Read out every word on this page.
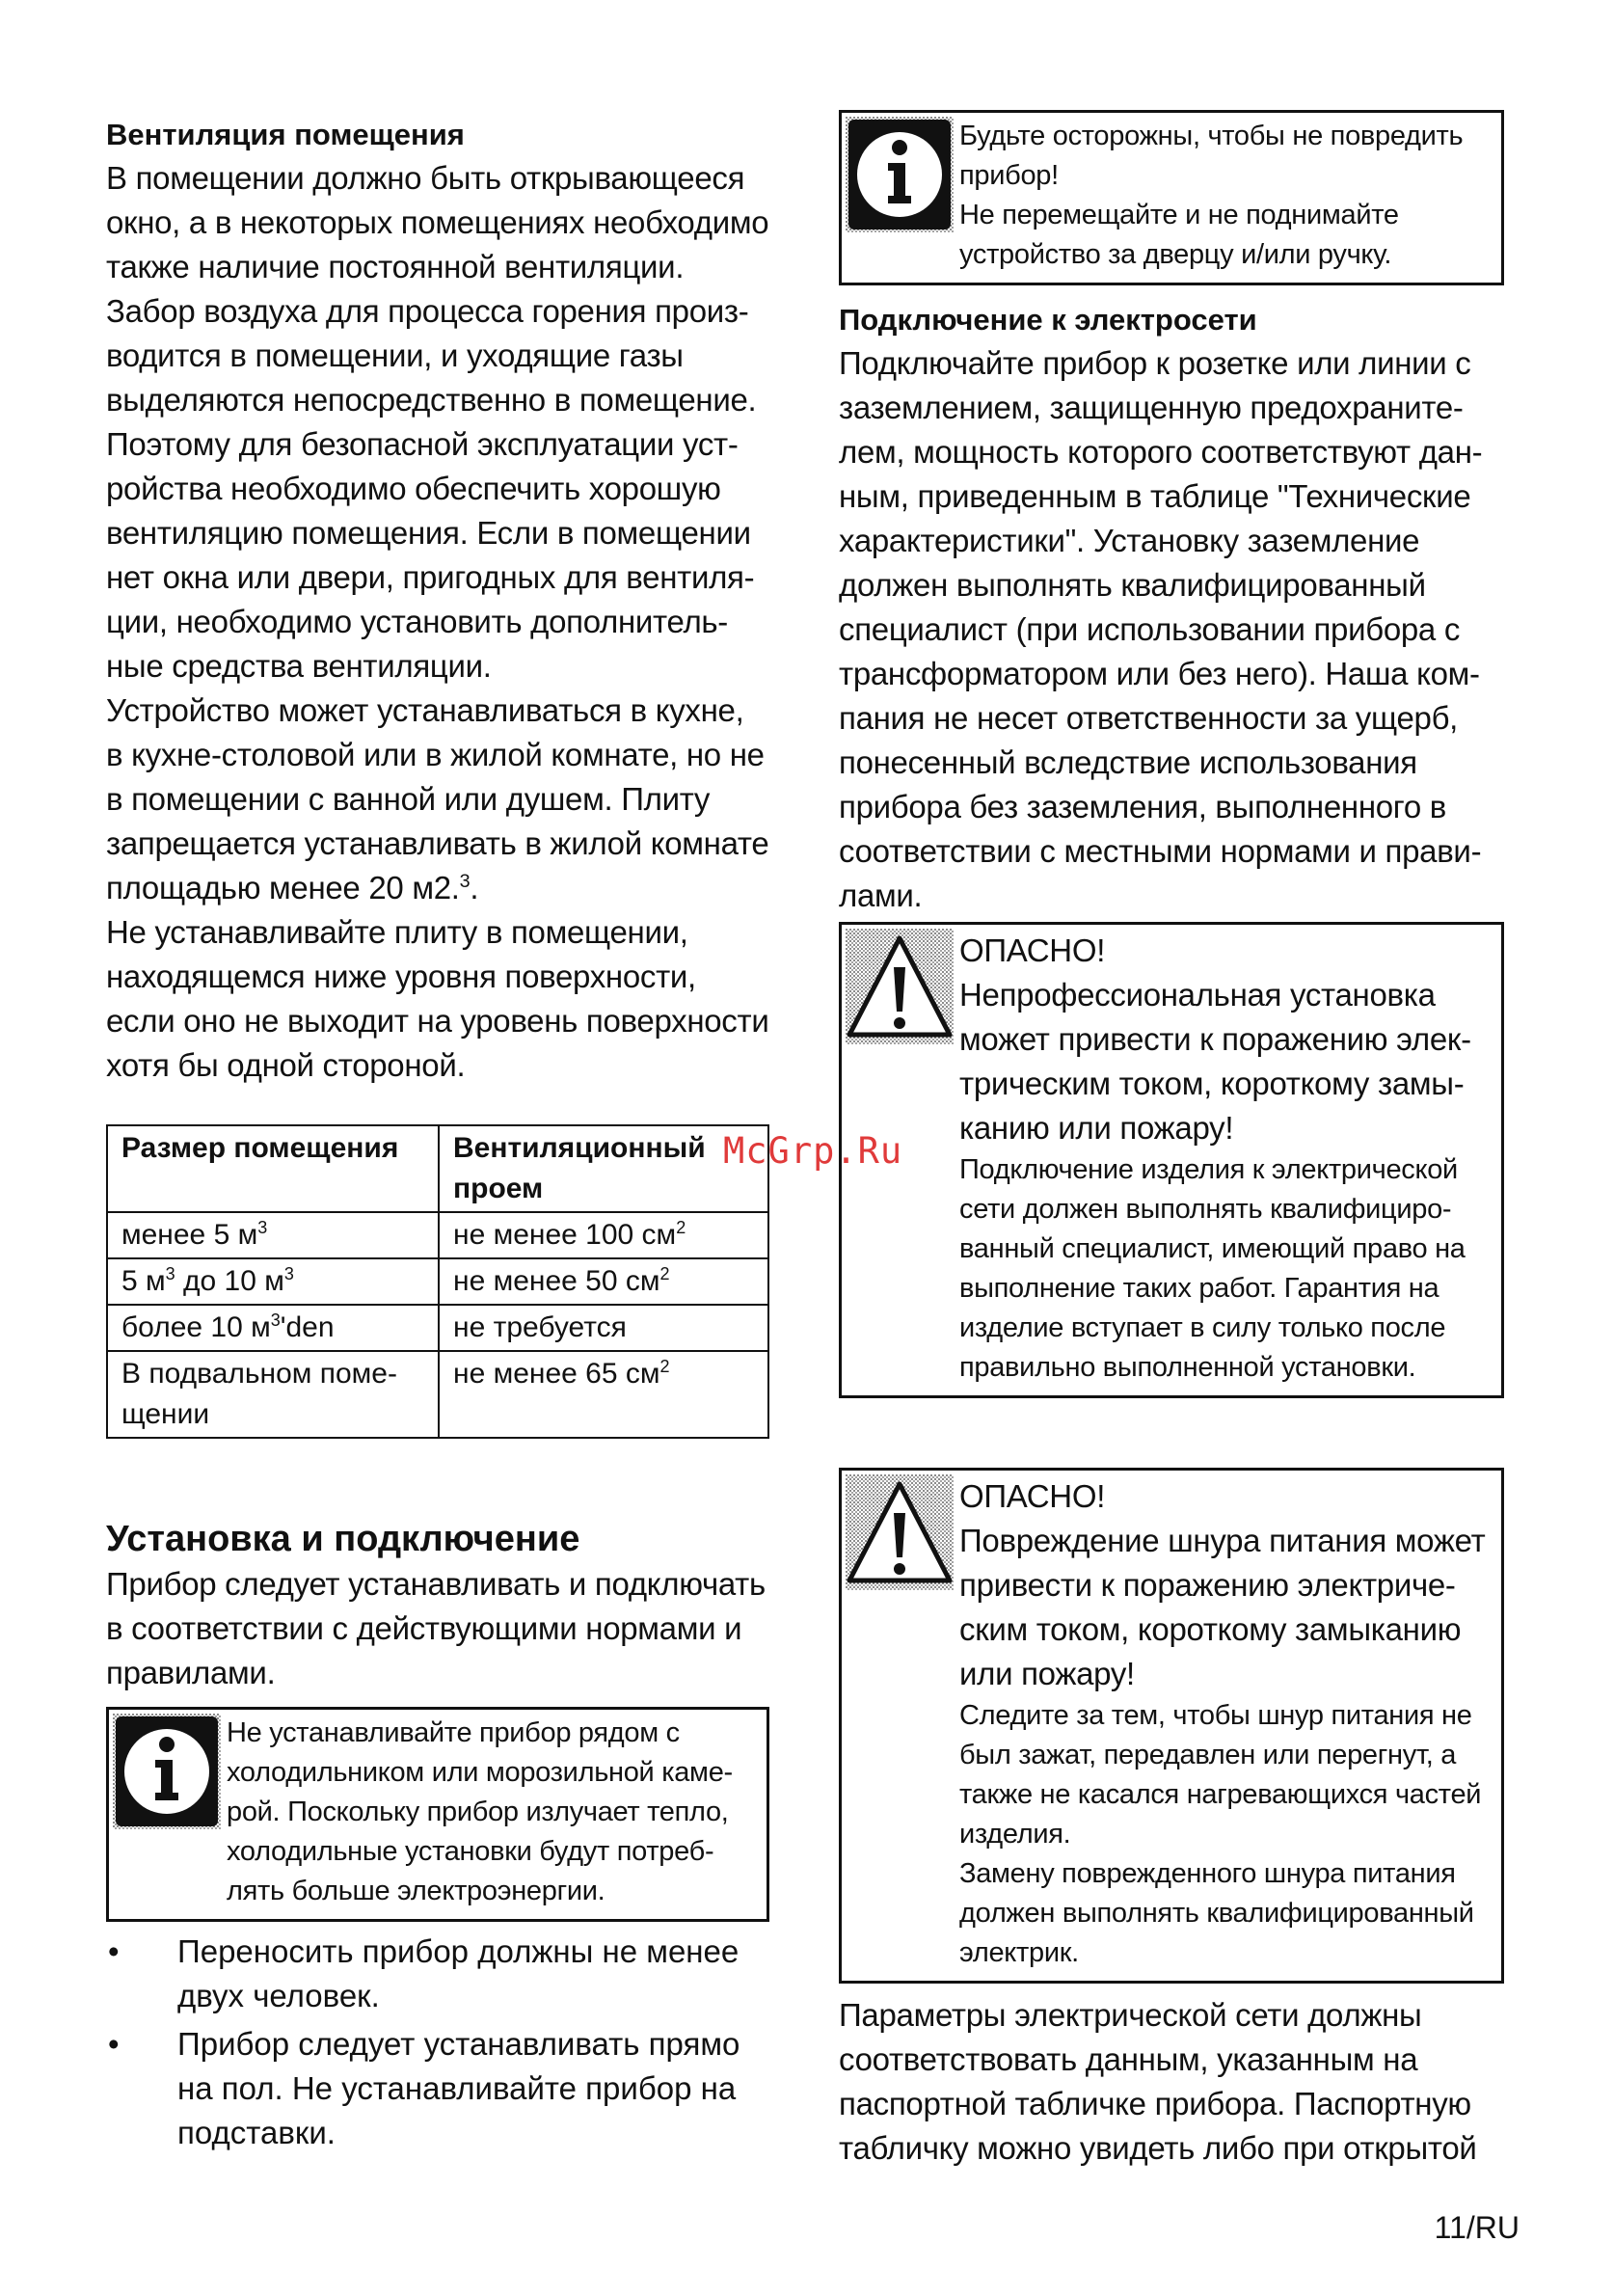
Вентиляция помещения

В помещении должно быть открывающееся
окно, а в некоторых помещениях необходимо
также наличие постоянной вентиляции.
Забор воздуха для процесса горения произ-
водится в помещении, и уходящие газы
выделяются непосредственно в помещение.
Поэтому для безопасной эксплуатации уст-
ройства необходимо обеспечить хорошую
вентиляцию помещения. Если в помещении
нет окна или двери, пригодных для вентиля-
ции, необходимо установить дополнитель-
ные средства вентиляции.
Устройство может устанавливаться в кухне,
в кухне-столовой или в жилой комнате, но не
в помещении с ванной или душем. Плиту
запрещается устанавливать в жилой комнате
площадью менее 20 м2.$^3$.
Не устанавливайте плиту в помещении,
находящемся ниже уровня поверхности,
если оно не выходит на уровень поверхности
хотя бы одной стороной.

Размер помещения	Вентиляционный
проем

менее 5 $м^3$	не менее 100 $см^2$
5 $м^3$ до 10 $м^3$	не менее 50 $см^2$
более 10 $м^3'den$	не требуется

В подвальном поме-
щении	не менее 65 $см^2$

Установка и подключение

Прибор следует устанавливать и подключать
в соответствии с действующими нормами и
правилами.

Не устанавливайте прибор рядом с
холодильником или морозильной каме-
рой. Поскольку прибор излучает тепло,
холодильные установки будут потреб-
лять больше электроэнергии.
• Переносить прибор должны не менее
двух человек.
• Прибор следует устанавливать прямо
на пол. Не устанавливайте прибор на
подставки.
Будьте осторожны, чтобы не повредить
прибор!
Не перемещайте и не поднимайте
устройство за дверцу и/или ручку.

Подключение к электросети

Подключайте прибор к розетке или линии с
заземлением, защищенную предохраните-
лем, мощность которого соответствуют дан-
ным, приведенным в таблице "Технические
характеристики". Установку заземление
должен выполнять квалифицированный
специалист (при использовании прибора с
трансформатором или без него). Наша ком-
пания не несет ответственности за ущерб,
понесенный вследствие использования
прибора без заземления, выполненного в
соответствии с местными нормами и прави-
лами.

ОПАСНО!
Непрофессиональная установка
может привести к поражению элек-
трическим током, короткому замы-
канию или пожару!
Подключение изделия к электрической
сети должен выполнять квалифициро-
ванный специалист, имеющий право на
выполнение таких работ. Гарантия на
изделие вступает в силу только после
правильно выполненной установки.
ОПАСНО!
Повреждение шнура питания может
привести к поражению электриче-
ским током, короткому замыканию
или пожару!
Следите за тем, чтобы шнур питания не
был зажат, передавлен или перегнут, а
также не касался нагревающихся частей
изделия.
Замену поврежденного шнура питания
должен выполнять квалифицированный
электрик.

Параметры электрической сети должны
соответствовать данным, указанным на
паспортной табличке прибора. Паспортную
табличку можно увидеть либо при открытой

McGrp.Ru
11/RU
